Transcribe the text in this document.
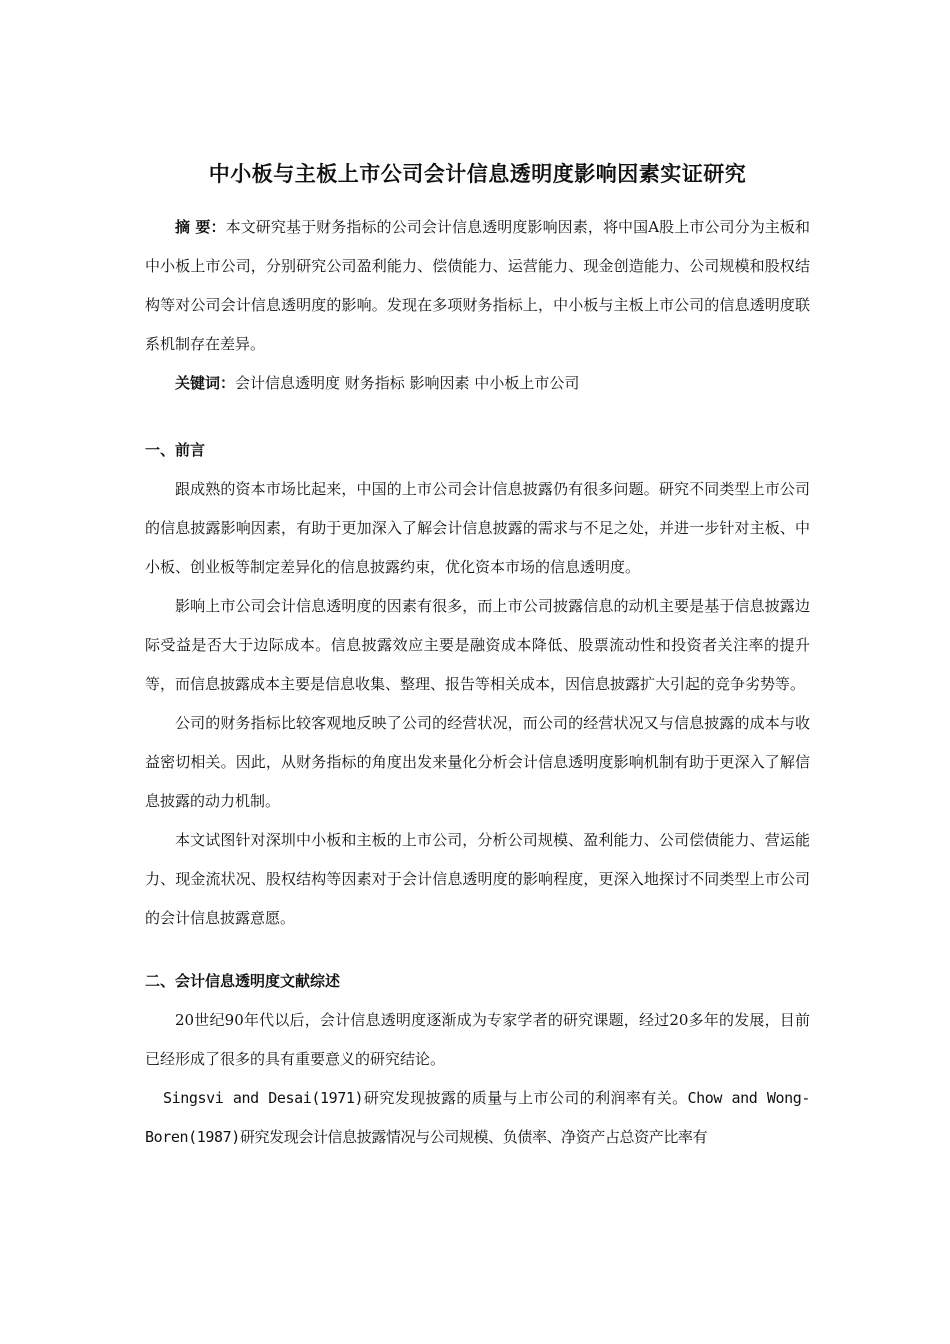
中小板与主板上市公司会计信息透明度影响因素实证研究

摘 要：本文研究基于财务指标的公司会计信息透明度影响因素，将中国A股上市公司分为主板和中小板上市公司，分别研究公司盈利能力、偿债能力、运营能力、现金创造能力、公司规模和股权结构等对公司会计信息透明度的影响。发现在多项财务指标上，中小板与主板上市公司的信息透明度联系机制存在差异。

关键词：会计信息透明度 财务指标 影响因素 中小板上市公司

一、前言

跟成熟的资本市场比起来，中国的上市公司会计信息披露仍有很多问题。研究不同类型上市公司的信息披露影响因素，有助于更加深入了解会计信息披露的需求与不足之处，并进一步针对主板、中小板、创业板等制定差异化的信息披露约束，优化资本市场的信息透明度。

影响上市公司会计信息透明度的因素有很多，而上市公司披露信息的动机主要是基于信息披露边际受益是否大于边际成本。信息披露效应主要是融资成本降低、股票流动性和投资者关注率的提升等，而信息披露成本主要是信息收集、整理、报告等相关成本，因信息披露扩大引起的竞争劣势等。

公司的财务指标比较客观地反映了公司的经营状况，而公司的经营状况又与信息披露的成本与收益密切相关。因此，从财务指标的角度出发来量化分析会计信息透明度影响机制有助于更深入了解信息披露的动力机制。

本文试图针对深圳中小板和主板的上市公司，分析公司规模、盈利能力、公司偿债能力、营运能力、现金流状况、股权结构等因素对于会计信息透明度的影响程度，更深入地探讨不同类型上市公司的会计信息披露意愿。

二、会计信息透明度文献综述

20世纪90年代以后，会计信息透明度逐渐成为专家学者的研究课题，经过20多年的发展，目前已经形成了很多的具有重要意义的研究结论。

Singsvi and Desai(1971)研究发现披露的质量与上市公司的利润率有关。Chow and Wong-Boren(1987)研究发现会计信息披露情况与公司规模、负债率、净资产占总资产比率有
